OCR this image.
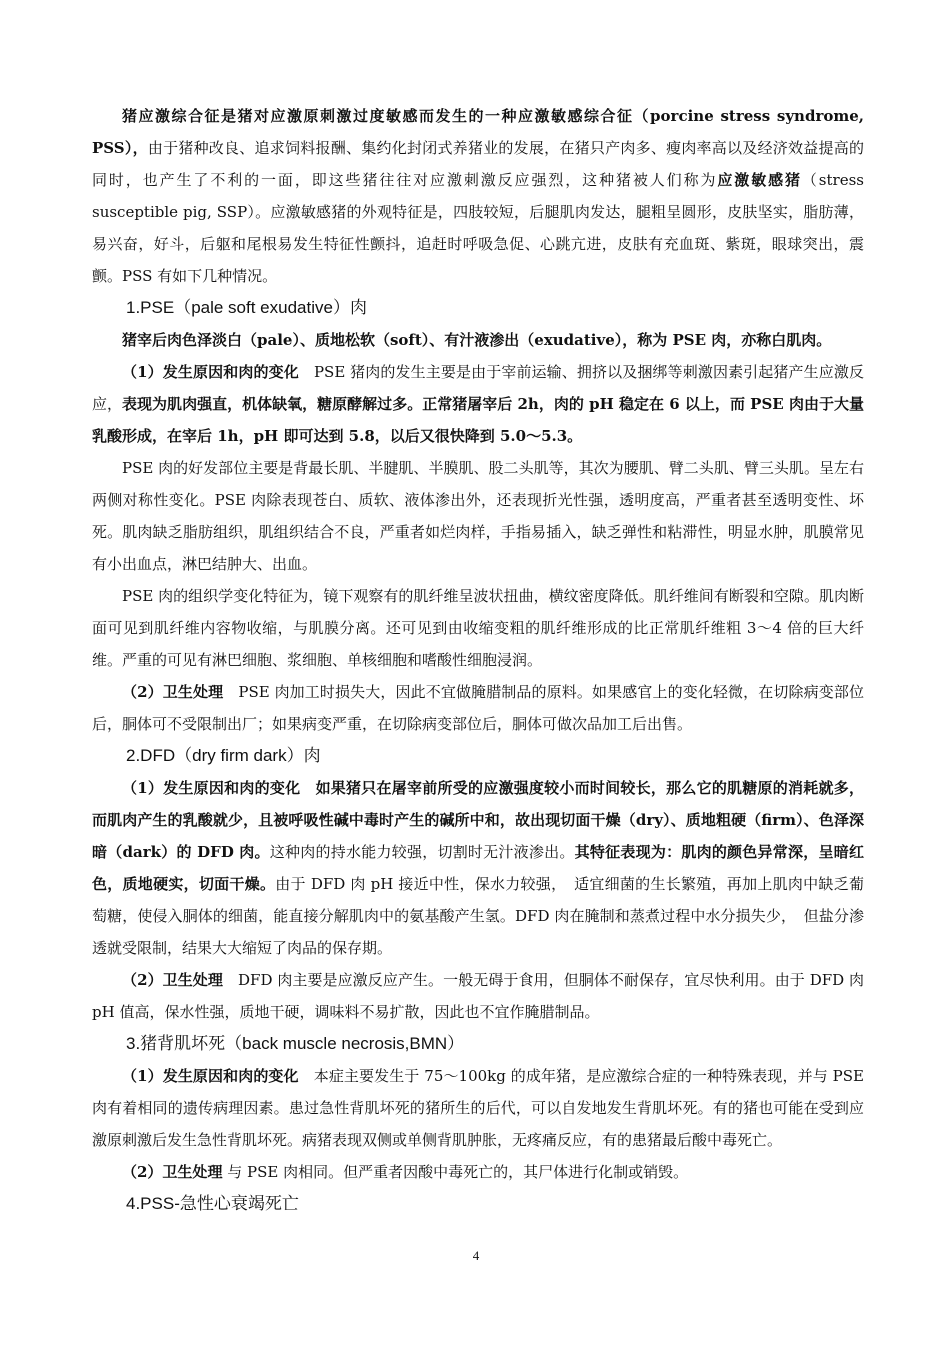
猪应激综合征是猪对应激原刺激过度敏感而发生的一种应激敏感综合征（porcine stress syndrome, PSS），由于猪种改良、追求饲料报酬、集约化封闭式养猪业的发展，在猪只产肉多、瘦肉率高以及经济效益提高的同时，也产生了不利的一面，即这些猪往往对应激刺激反应强烈，这种猪被人们称为应激敏感猪（stress susceptible pig, SSP）。应激敏感猪的外观特征是，四肢较短，后腿肌肉发达，腿粗呈圆形，皮肤坚实，脂肪薄，易兴奋，好斗，后躯和尾根易发生特征性颤抖，追赶时呼吸急促、心跳亢进，皮肤有充血斑、紫斑，眼球突出，震颤。PSS 有如下几种情况。

1.PSE（pale soft exudative）肉

猪宰后肉色泽淡白（pale）、质地松软（soft）、有汁液渗出（exudative），称为 PSE 肉，亦称白肌肉。

（1）发生原因和肉的变化　PSE 猪肉的发生主要是由于宰前运输、拥挤以及捆绑等刺激因素引起猪产生应激反应，表现为肌肉强直，机体缺氧，糖原酵解过多。正常猪屠宰后 2h，肉的 pH 稳定在 6 以上，而 PSE 肉由于大量乳酸形成，在宰后 1h，pH 即可达到 5.8，以后又很快降到 5.0～5.3。

PSE 肉的好发部位主要是背最长肌、半腱肌、半膜肌、股二头肌等，其次为腰肌、臂二头肌、臂三头肌。呈左右两侧对称性变化。PSE 肉除表现苍白、质软、液体渗出外，还表现折光性强，透明度高，严重者甚至透明变性、坏死。肌肉缺乏脂肪组织，肌组织结合不良，严重者如烂肉样，手指易插入，缺乏弹性和粘滞性，明显水肿，肌膜常见有小出血点，淋巴结肿大、出血。

PSE 肉的组织学变化特征为，镜下观察有的肌纤维呈波状扭曲，横纹密度降低。肌纤维间有断裂和空隙。肌肉断面可见到肌纤维内容物收缩，与肌膜分离。还可见到由收缩变粗的肌纤维形成的比正常肌纤维粗 3～4 倍的巨大纤维。严重的可见有淋巴细胞、浆细胞、单核细胞和嗜酸性细胞浸润。

（2）卫生处理　PSE 肉加工时损失大，因此不宜做腌腊制品的原料。如果感官上的变化轻微，在切除病变部位后，胴体可不受限制出厂；如果病变严重，在切除病变部位后，胴体可做次品加工后出售。

2.DFD（dry firm dark）肉

（1）发生原因和肉的变化　如果猪只在屠宰前所受的应激强度较小而时间较长，那么它的肌糖原的消耗就多，而肌肉产生的乳酸就少，且被呼吸性碱中毒时产生的碱所中和，故出现切面干燥（dry）、质地粗硬（firm）、色泽深暗（dark）的 DFD 肉。这种肉的持水能力较强，切割时无汁液渗出。其特征表现为：肌肉的颜色异常深，呈暗红色，质地硬实，切面干燥。由于 DFD 肉 pH 接近中性，保水力较强，　适宜细菌的生长繁殖，再加上肌肉中缺乏葡萄糖，使侵入胴体的细菌，能直接分解肌肉中的氨基酸产生氢。DFD 肉在腌制和蒸煮过程中水分损失少，　但盐分渗透就受限制，结果大大缩短了肉品的保存期。

（2）卫生处理　DFD 肉主要是应激反应产生。一般无碍于食用，但胴体不耐保存，宜尽快利用。由于 DFD 肉 pH 值高，保水性强，质地干硬，调味料不易扩散，因此也不宜作腌腊制品。

3.猪背肌坏死（back muscle necrosis,BMN）

（1）发生原因和肉的变化　本症主要发生于 75～100kg 的成年猪，是应激综合症的一种特殊表现，并与 PSE 肉有着相同的遗传病理因素。患过急性背肌坏死的猪所生的后代，可以自发地发生背肌坏死。有的猪也可能在受到应激原刺激后发生急性背肌坏死。病猪表现双侧或单侧背肌肿胀，无疼痛反应，有的患猪最后酸中毒死亡。

（2）卫生处理 与 PSE 肉相同。但严重者因酸中毒死亡的，其尸体进行化制或销毁。

4.PSS-急性心衰竭死亡
4
